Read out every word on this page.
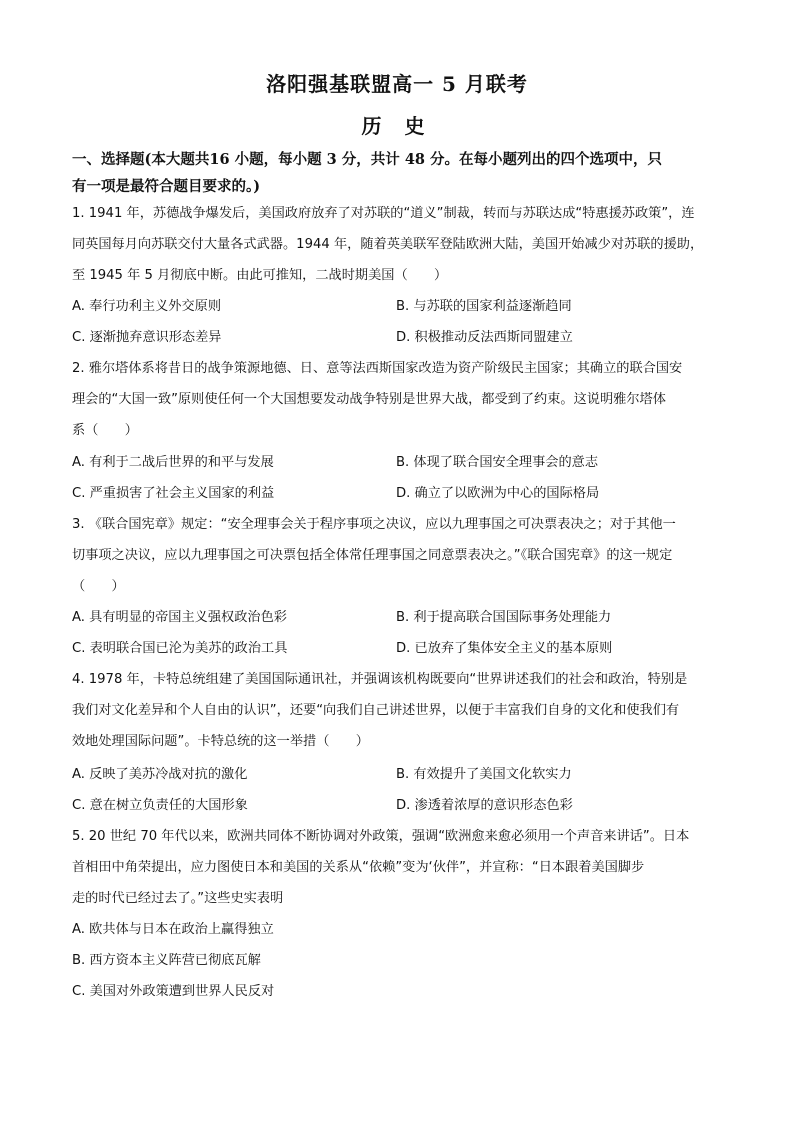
洛阳强基联盟高一 5 月联考
历 史
一、选择题(本大题共16 小题，每小题 3 分，共计 48 分。在每小题列出的四个选项中，只
有一项是最符合题目要求的。)
1. 1941 年，苏德战争爆发后，美国政府放弃了对苏联的“道义”制裁，转而与苏联达成“特惠援苏政策”，连
同英国每月向苏联交付大量各式武器。1944 年，随着英美联军登陆欧洲大陆，美国开始减少对苏联的援助，
至 1945 年 5 月彻底中断。由此可推知，二战时期美国（　　）
A. 奉行功利主义外交原则	B. 与苏联的国家利益逐渐趋同
C. 逐渐抛弃意识形态差异	D. 积极推动反法西斯同盟建立
2. 雅尔塔体系将昔日的战争策源地德、日、意等法西斯国家改造为资产阶级民主国家；其确立的联合国安
理会的“大国一致”原则使任何一个大国想要发动战争特别是世界大战，都受到了约束。这说明雅尔塔体
系（　　）
A. 有利于二战后世界的和平与发展	B. 体现了联合国安全理事会的意志
C. 严重损害了社会主义国家的利益	D. 确立了以欧洲为中心的国际格局
3. 《联合国宪章》规定：“安全理事会关于程序事项之决议，应以九理事国之可决票表决之；对于其他一
切事项之决议，应以九理事国之可决票包括全体常任理事国之同意票表决之。”《联合国宪章》的这一规定
（　　）
A. 具有明显的帝国主义强权政治色彩	B. 利于提高联合国国际事务处理能力
C. 表明联合国已沦为美苏的政治工具	D. 已放弃了集体安全主义的基本原则
4. 1978 年，卡特总统组建了美国国际通讯社，并强调该机构既要向“世界讲述我们的社会和政治，特别是
我们对文化差异和个人自由的认识”，还要“向我们自己讲述世界，以便于丰富我们自身的文化和使我们有
效地处理国际问题”。卡特总统的这一举措（　　）
A. 反映了美苏冷战对抗的激化	B. 有效提升了美国文化软实力
C. 意在树立负责任的大国形象	D. 渗透着浓厚的意识形态色彩
5. 20 世纪 70 年代以来，欧洲共同体不断协调对外政策，强调“欧洲愈来愈必须用一个声音来讲话”。日本
首相田中角荣提出，应力图使日本和美国的关系从“依赖”变为‘伙伴”，并宣称：“日本跟着美国脚步
走的时代已经过去了。”这些史实表明
A. 欧共体与日本在政治上赢得独立
B. 西方资本主义阵营已彻底瓦解
C. 美国对外政策遭到世界人民反对
